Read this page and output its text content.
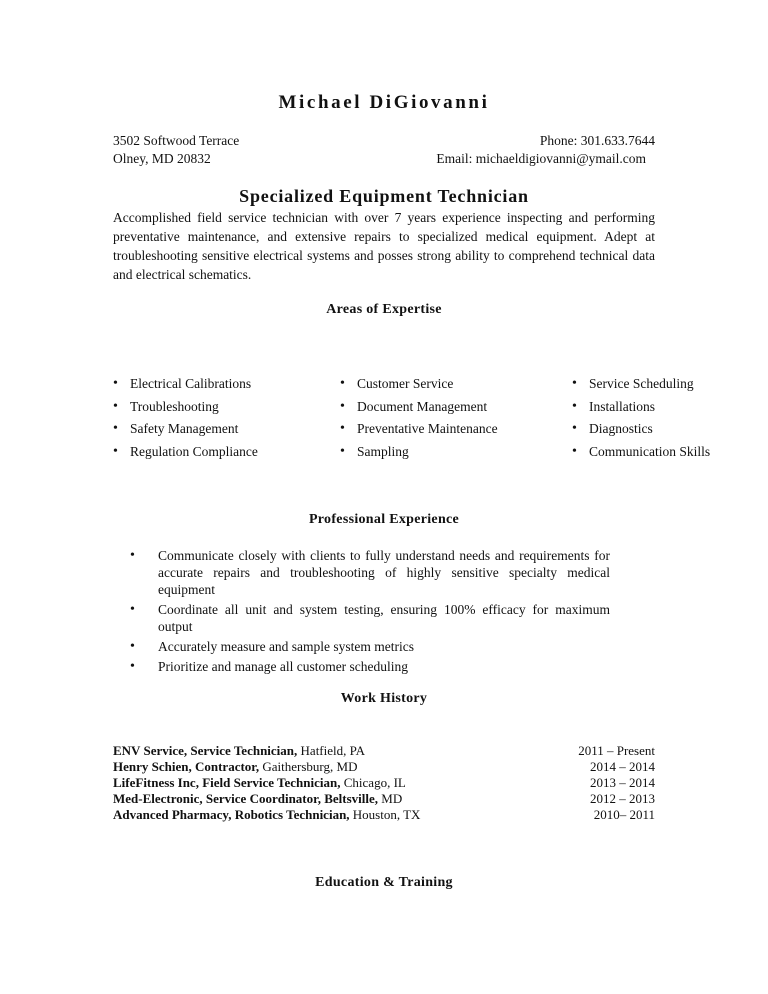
Michael DiGiovanni
3502 Softwood Terrace
Olney, MD 20832
Phone: 301.633.7644
Email: michaeldigiovanni@ymail.com
Specialized Equipment Technician
Accomplished field service technician with over 7 years experience inspecting and performing preventative maintenance, and extensive repairs to specialized medical equipment. Adept at troubleshooting sensitive electrical systems and posses strong ability to comprehend technical data and electrical schematics.
Areas of Expertise
• Electrical Calibrations
• Troubleshooting
• Safety Management
• Regulation Compliance
• Customer Service
• Document Management
• Preventative Maintenance
• Sampling
• Service Scheduling
• Installations
• Diagnostics
• Communication Skills
Professional Experience
• Communicate closely with clients to fully understand needs and requirements for accurate repairs and troubleshooting of highly sensitive specialty medical equipment
• Coordinate all unit and system testing, ensuring 100% efficacy for maximum output
• Accurately measure and sample system metrics
• Prioritize and manage all customer scheduling
Work History
ENV Service, Service Technician, Hatfield, PA	2011 – Present
Henry Schien, Contractor, Gaithersburg, MD	2014 – 2014
LifeFitness Inc, Field Service Technician, Chicago, IL	2013 – 2014
Med-Electronic, Service Coordinator, Beltsville, MD	2012 – 2013
Advanced Pharmacy, Robotics Technician, Houston, TX	2010– 2011
Education & Training
